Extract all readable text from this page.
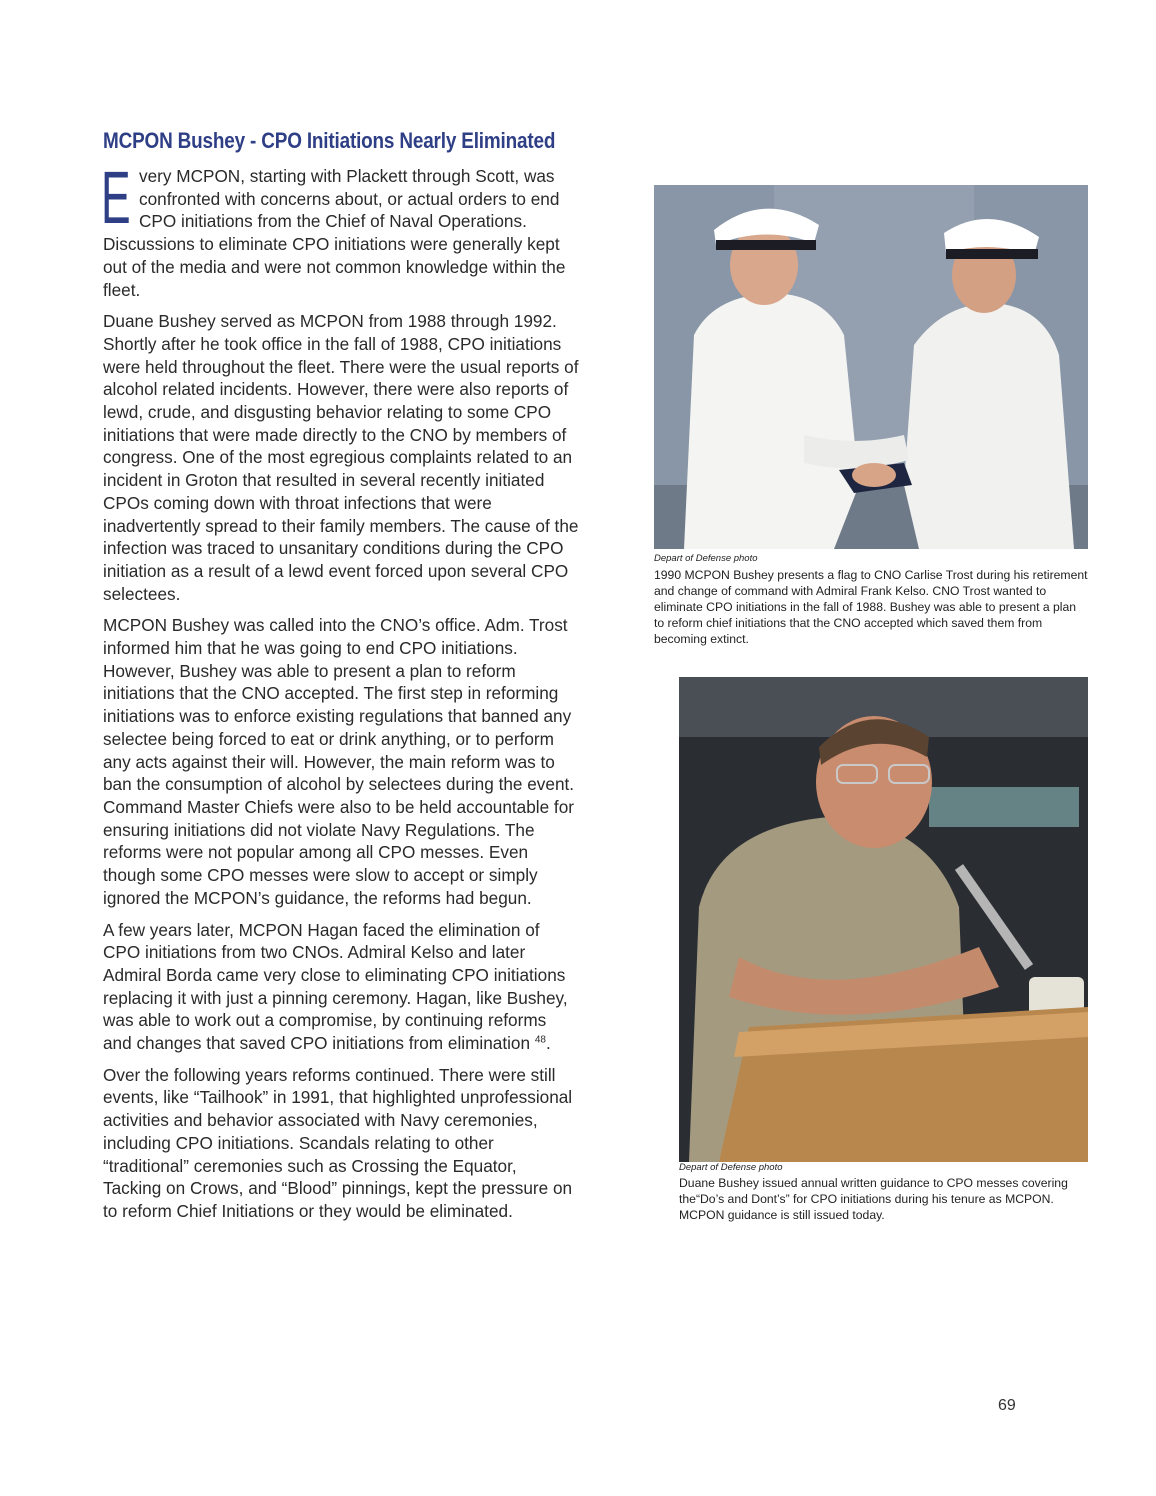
MCPON Bushey - CPO Initiations Nearly Eliminated

Every MCPON, starting with Plackett through Scott, was confronted with concerns about, or actual orders to end CPO initiations from the Chief of Naval Operations. Discussions to eliminate CPO initiations were generally kept out of the media and were not common knowledge within the fleet.

Duane Bushey served as MCPON from 1988 through 1992. Shortly after he took office in the fall of 1988, CPO initiations were held throughout the fleet. There were the usual reports of alcohol related incidents. However, there were also reports of lewd, crude, and disgusting behavior relating to some CPO initiations that were made directly to the CNO by members of congress. One of the most egregious complaints related to an incident in Groton that resulted in several recently initiated CPOs coming down with throat infections that were inadvertently spread to their family members. The cause of the infection was traced to unsanitary conditions during the CPO initiation as a result of a lewd event forced upon several CPO selectees.

MCPON Bushey was called into the CNO’s office. Adm. Trost informed him that he was going to end CPO initiations. However, Bushey was able to present a plan to reform initiations that the CNO accepted. The first step in reforming initiations was to enforce existing regulations that banned any selectee being forced to eat or drink anything, or to perform any acts against their will. However, the main reform was to ban the consumption of alcohol by selectees during the event. Command Master Chiefs were also to be held accountable for ensuring initiations did not violate Navy Regulations. The reforms were not popular among all CPO messes. Even though some CPO messes were slow to accept or simply ignored the MCPON’s guidance, the reforms had begun.

A few years later, MCPON Hagan faced the elimination of CPO initiations from two CNOs. Admiral Kelso and later Admiral Borda came very close to eliminating CPO initiations replacing it with just a pinning ceremony. Hagan, like Bushey, was able to work out a compromise, by continuing reforms and changes that saved CPO initiations from elimination $^{48}$.

Over the following years reforms continued. There were still events, like “Tailhook” in 1991, that highlighted unprofessional activities and behavior associated with Navy ceremonies, including CPO initiations. Scandals relating to other “traditional” ceremonies such as Crossing the Equator, Tacking on Crows, and “Blood” pinnings, kept the pressure on to reform Chief Initiations or they would be eliminated.

Depart of Defense photo
1990 MCPON Bushey presents a flag to CNO Carlise Trost during his retirement and change of command with Admiral Frank Kelso. CNO Trost wanted to eliminate CPO initiations in the fall of 1988. Bushey was able to present a plan to reform chief initiations that the CNO accepted which saved them from becoming extinct.
Depart of Defense photo
Duane Bushey issued annual written guidance to CPO messes covering the“Do’s and Dont’s” for CPO initiations during his tenure as MCPON. MCPON guidance is still issued today.
69
